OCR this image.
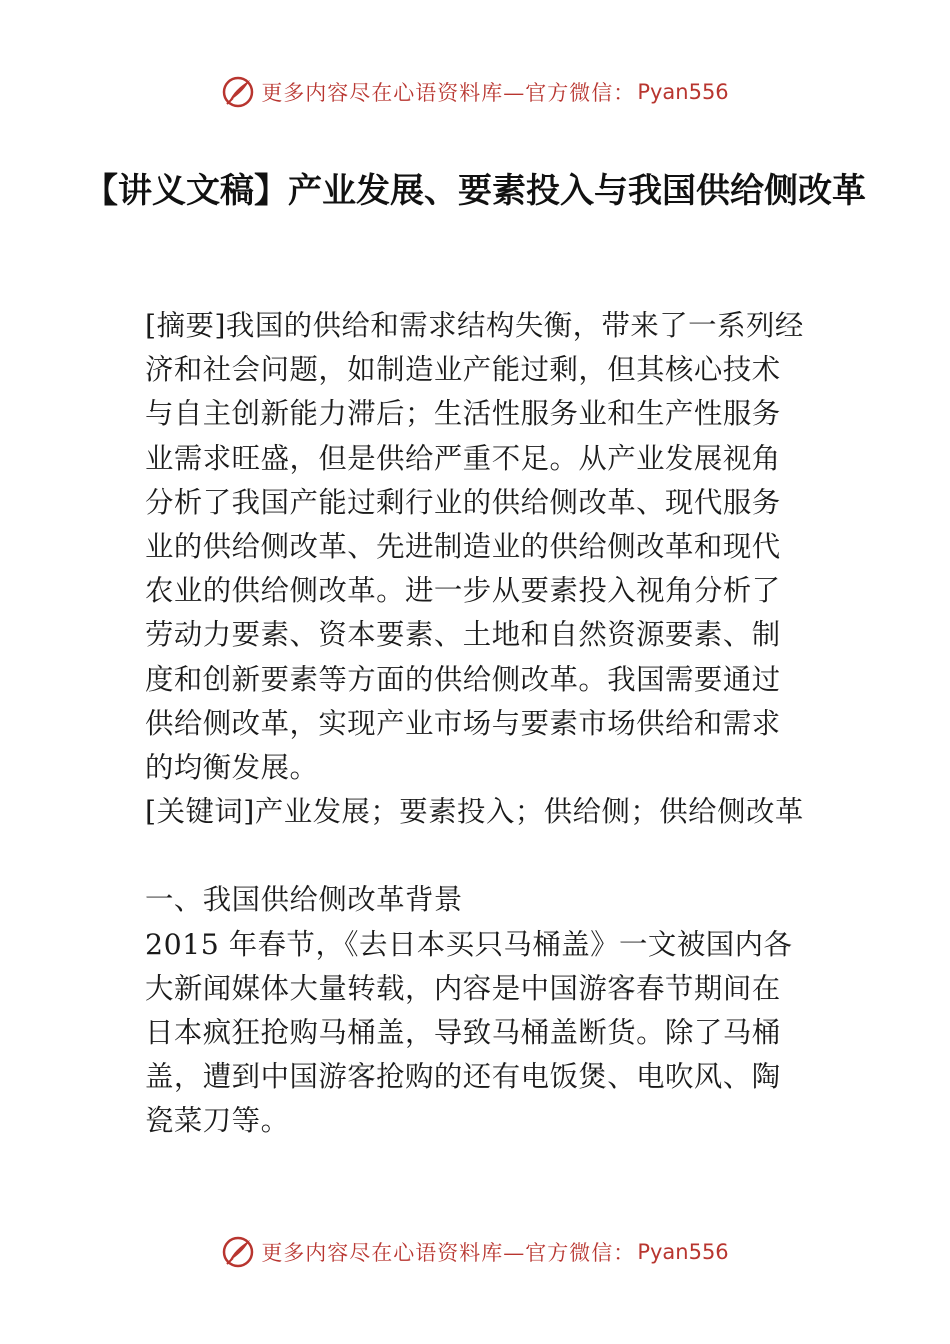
更多内容尽在心语资料库—官方微信： Pyan556
【讲义文稿】产业发展、要素投入与我国供给侧改革

[摘要]我国的供给和需求结构失衡，带来了一系列经济和社会问题，如制造业产能过剩，但其核心技术与自主创新能力滞后；生活性服务业和生产性服务业需求旺盛，但是供给严重不足。从产业发展视角分析了我国产能过剩行业的供给侧改革、现代服务业的供给侧改革、先进制造业的供给侧改革和现代农业的供给侧改革。进一步从要素投入视角分析了劳动力要素、资本要素、土地和自然资源要素、制度和创新要素等方面的供给侧改革。我国需要通过供给侧改革，实现产业市场与要素市场供给和需求的均衡发展。

[关键词]产业发展；要素投入；供给侧；供给侧改革

一、我国供给侧改革背景

2015 年春节，《去日本买只马桶盖》一文被国内各大新闻媒体大量转载，内容是中国游客春节期间在日本疯狂抢购马桶盖，导致马桶盖断货。除了马桶盖，遭到中国游客抢购的还有电饭煲、电吹风、陶瓷菜刀等。

更多内容尽在心语资料库—官方微信： Pyan556
